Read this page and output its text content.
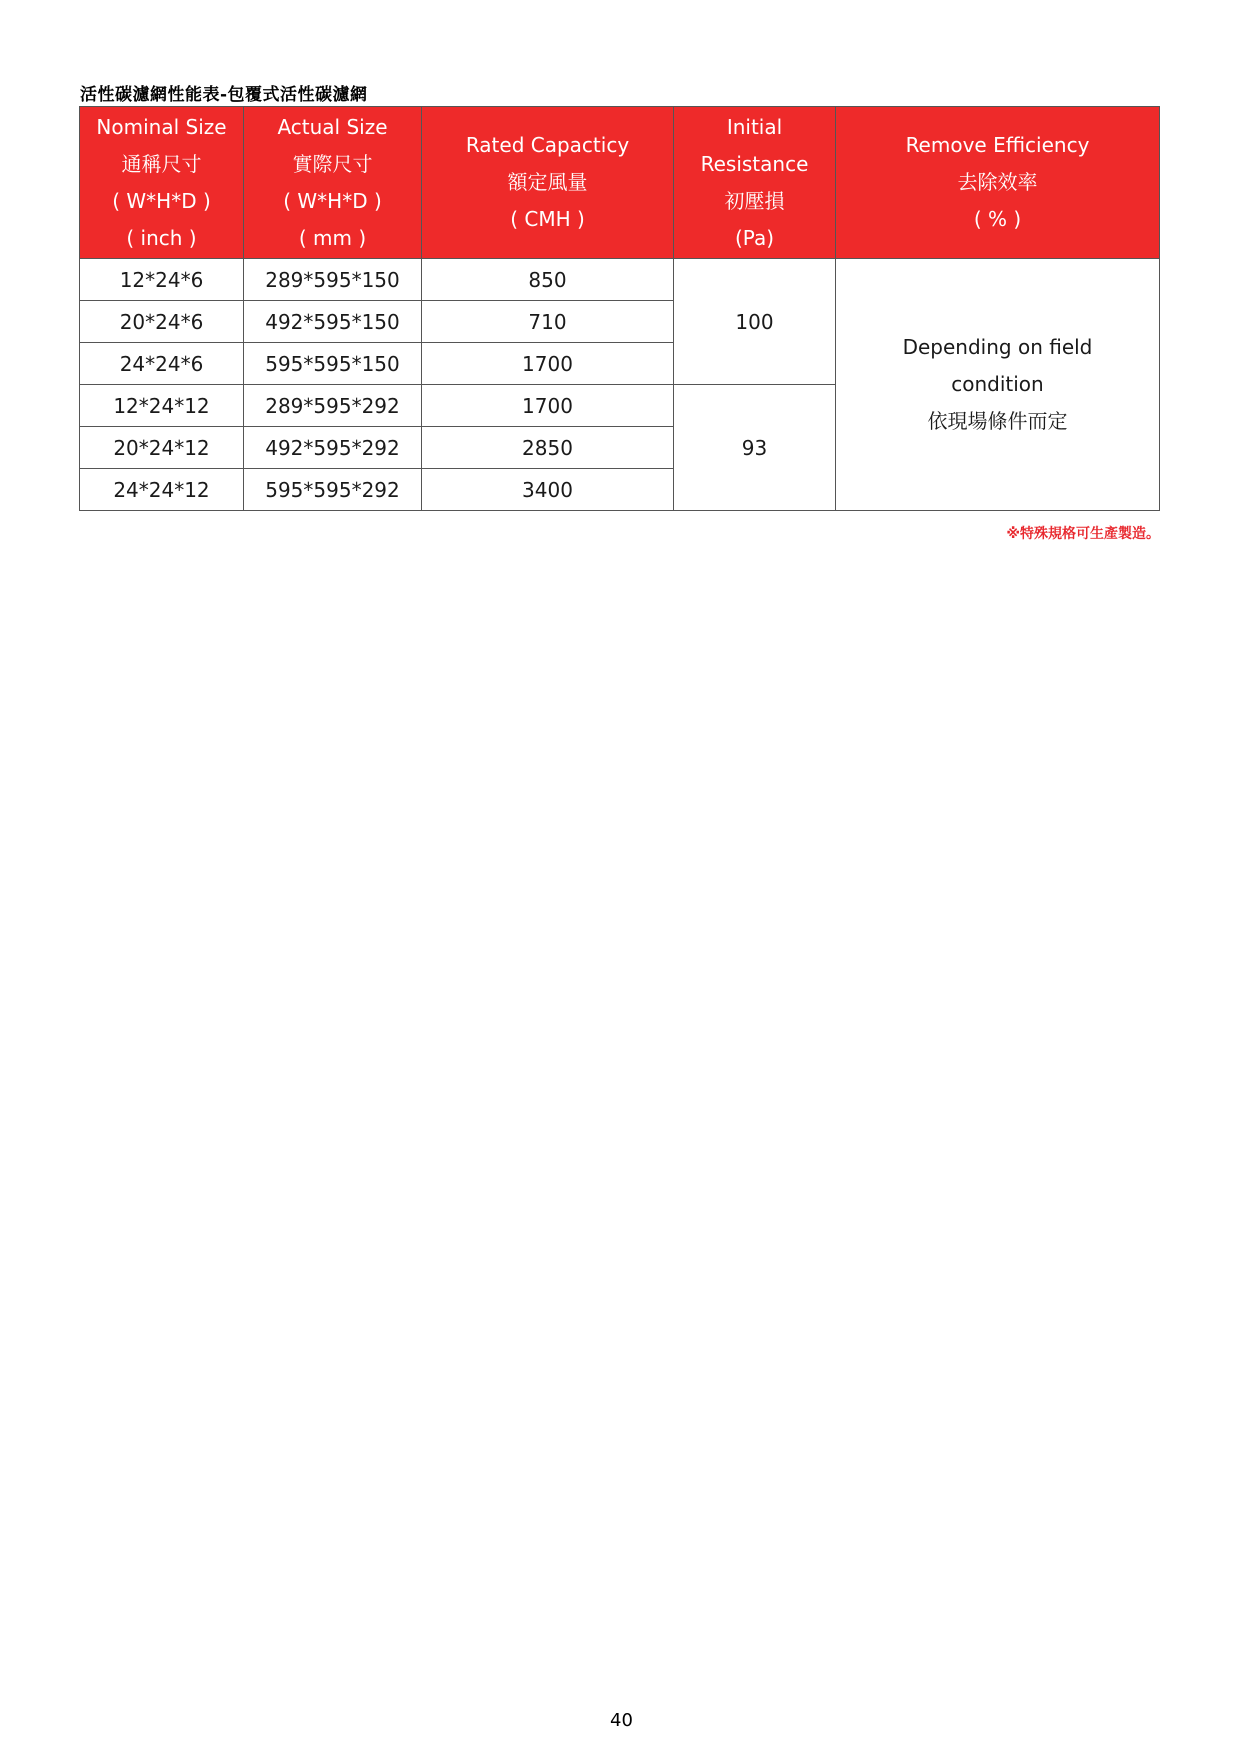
活性碳濾網性能表-包覆式活性碳濾網
Nominal Size
通稱尺寸
( W*H*D )
( inch )	Actual Size
實際尺寸
( W*H*D )
( mm )	Rated Capacticy
額定風量
( CMH )	Initial
Resistance
初壓損
(Pa)	Remove Efficiency
去除效率
( % )

12*24*6	289*595*150	850	100	Depending on field
condition
依現場條件而定

20*24*6	492*595*150	710		
24*24*6	595*595*150	1700		
12*24*12	289*595*292	1700	93	
20*24*12	492*595*292	2850		
24*24*12	595*595*292	3400		
※特殊規格可生產製造。
40
